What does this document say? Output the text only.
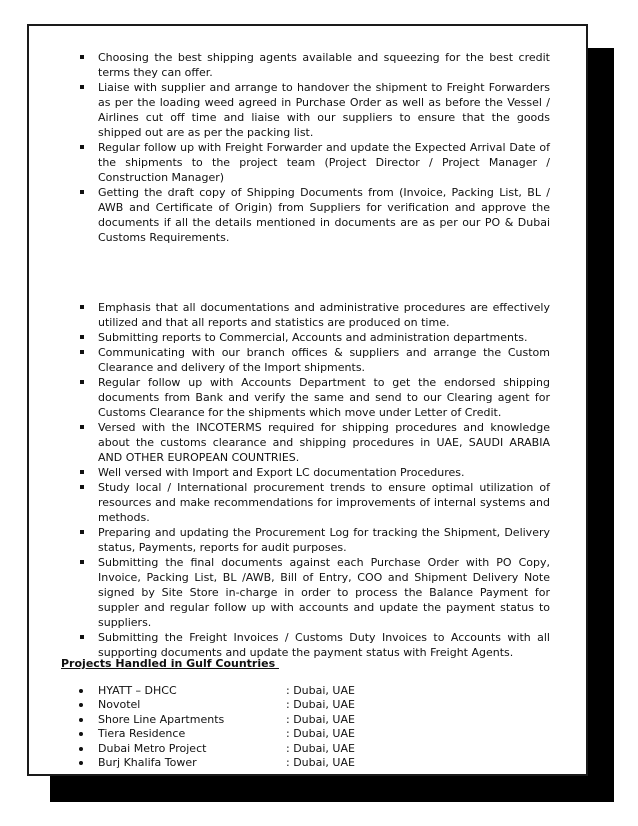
Choosing the best shipping agents available and squeezing for the best credit terms they can offer.
Liaise with supplier and arrange to handover the shipment to Freight Forwarders as per the loading weed agreed in Purchase Order as well as before the Vessel / Airlines cut off time and liaise with our suppliers to ensure that the goods shipped out are as per the packing list.
Regular follow up with Freight Forwarder and update the Expected Arrival Date of the shipments to the project team (Project Director / Project Manager / Construction Manager)
Getting the draft copy of Shipping Documents from (Invoice, Packing List, BL / AWB and Certificate of Origin) from Suppliers for verification and approve the documents if all the details mentioned in documents are as per our PO & Dubai Customs Requirements.
Emphasis that all documentations and administrative procedures are effectively utilized and that all reports and statistics are produced on time.
Submitting reports to Commercial, Accounts and administration departments.
Communicating with our branch offices & suppliers and arrange the Custom Clearance and delivery of the Import shipments.
Regular follow up with Accounts Department to get the endorsed shipping documents from Bank and verify the same and send to our Clearing agent for Customs Clearance for the shipments which move under Letter of Credit.
Versed with the INCOTERMS required for shipping procedures and knowledge about the customs clearance and shipping procedures in UAE, SAUDI ARABIA AND OTHER EUROPEAN COUNTRIES.
Well versed with Import and Export LC documentation Procedures.
Study local / International procurement trends to ensure optimal utilization of resources and make recommendations for improvements of internal systems and methods.
Preparing and updating the Procurement Log for tracking the Shipment, Delivery status, Payments, reports for audit purposes.
Submitting the final documents against each Purchase Order with PO Copy, Invoice, Packing List, BL /AWB, Bill of Entry, COO and Shipment Delivery Note signed by Site Store in-charge in order to process the Balance Payment for suppler and regular follow up with accounts and update the payment status to suppliers.
Submitting the Freight Invoices / Customs Duty Invoices to Accounts with all supporting documents and update the payment status with Freight Agents.
Projects Handled in Gulf Countries
HYATT – DHCC	: Dubai, UAE
Novotel	: Dubai, UAE
Shore Line Apartments	: Dubai, UAE
Tiera Residence	: Dubai, UAE
Dubai Metro Project	: Dubai, UAE
Burj Khalifa Tower	: Dubai, UAE
